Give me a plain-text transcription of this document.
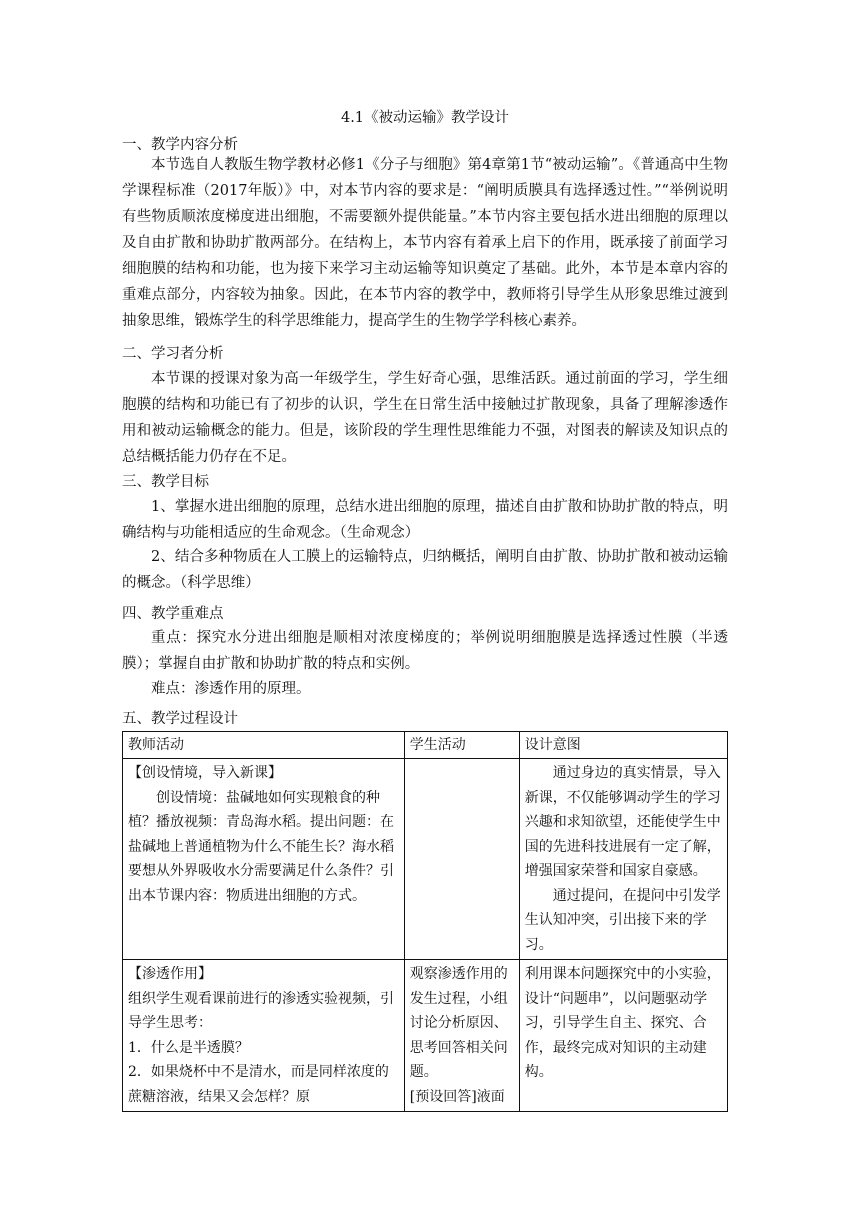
4.1《被动运输》教学设计
一、教学内容分析
本节选自人教版生物学教材必修1《分子与细胞》第4章第1节“被动运输”。《普通高中生物学课程标准（2017年版）》中，对本节内容的要求是：“阐明质膜具有选择透过性。”“举例说明有些物质顺浓度梯度进出细胞，不需要额外提供能量。”本节内容主要包括水进出细胞的原理以及自由扩散和协助扩散两部分。在结构上，本节内容有着承上启下的作用，既承接了前面学习细胞膜的结构和功能，也为接下来学习主动运输等知识奠定了基础。此外，本节是本章内容的重难点部分，内容较为抽象。因此，在本节内容的教学中，教师将引导学生从形象思维过渡到抽象思维，锻炼学生的科学思维能力，提高学生的生物学学科核心素养。
二、学习者分析
本节课的授课对象为高一年级学生，学生好奇心强，思维活跃。通过前面的学习，学生细胞膜的结构和功能已有了初步的认识，学生在日常生活中接触过扩散现象，具备了理解渗透作用和被动运输概念的能力。但是，该阶段的学生理性思维能力不强，对图表的解读及知识点的总结概括能力仍存在不足。
三、教学目标
1、掌握水进出细胞的原理，总结水进出细胞的原理，描述自由扩散和协助扩散的特点，明确结构与功能相适应的生命观念。（生命观念）
2、结合多种物质在人工膜上的运输特点，归纳概括，阐明自由扩散、协助扩散和被动运输的概念。（科学思维）
四、教学重难点
重点：探究水分进出细胞是顺相对浓度梯度的；举例说明细胞膜是选择透过性膜（半透膜）；掌握自由扩散和协助扩散的特点和实例。
难点：渗透作用的原理。
五、教学过程设计
教师活动	学生活动	设计意图

【创设情境，导入新课】
创设情境：盐碱地如何实现粮食的种植？播放视频：青岛海水稻。提出问题：在盐碱地上普通植物为什么不能生长？海水稻要想从外界吸收水分需要满足什么条件？引出本节课内容：物质进出细胞的方式。		通过身边的真实情景，导入新课，不仅能够调动学生的学习兴趣和求知欲望，还能使学生中国的先进科技进展有一定了解，增强国家荣誉和国家自豪感。
通过提问，在提问中引发学生认知冲突，引出接下来的学习。

【渗透作用】
组织学生观看课前进行的渗透实验视频，引导学生思考：
1．什么是半透膜？
2．如果烧杯中不是清水，而是同样浓度的蔗糖溶液，结果又会怎样？原	观察渗透作用的发生过程，小组讨论分析原因、思考回答相关问题。
[预设回答]液面	利用课本问题探究中的小实验，设计“问题串”，以问题驱动学习，引导学生自主、探究、合作，最终完成对知识的主动建构。
